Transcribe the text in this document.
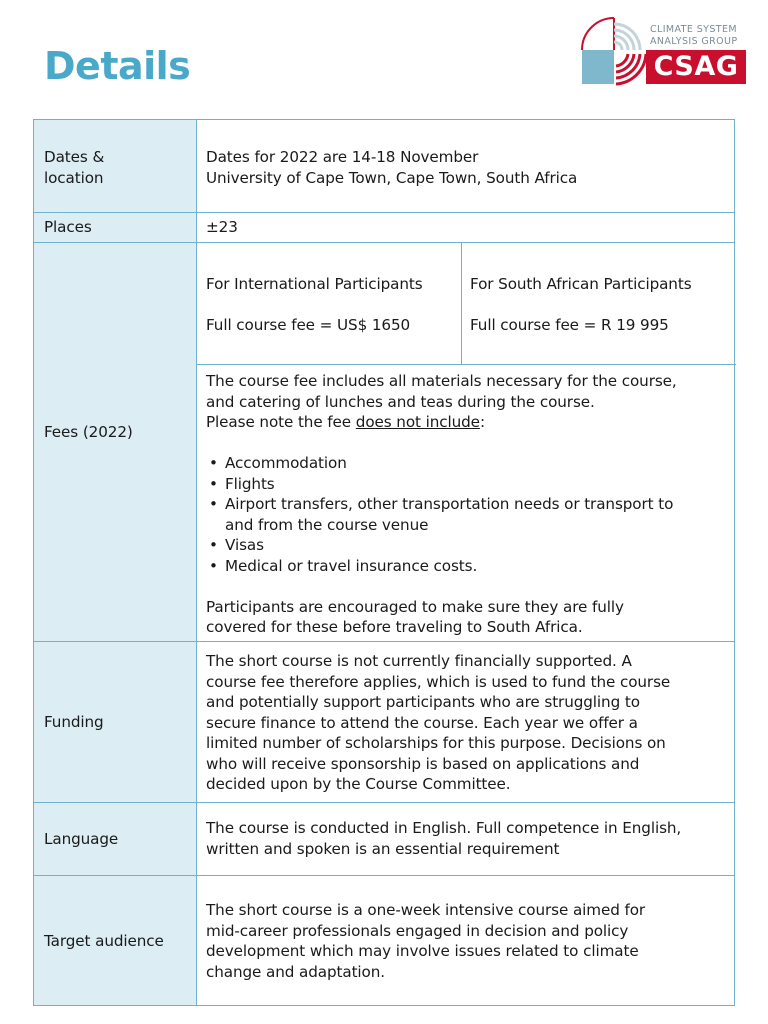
Details
CLIMATE SYSTEM
ANALYSIS GROUP
CSAG
Dates &
location
Dates for 2022 are 14-18 November
University of Cape Town, Cape Town, South Africa
Places	±23
Fees (2022)
For International Participants
Full course fee = US$ 1650
For South African Participants
Full course fee = R 19 995
The course fee includes all materials necessary for the course,
and catering of lunches and teas during the course.
Please note the fee does not include:
• Accommodation
• Flights
• Airport transfers, other transportation needs or transport to
and from the course venue
• Visas
• Medical or travel insurance costs.
Participants are encouraged to make sure they are fully
covered for these before traveling to South Africa.
Funding
The short course is not currently financially supported. A
course fee therefore applies, which is used to fund the course
and potentially support participants who are struggling to
secure finance to attend the course. Each year we offer a
limited number of scholarships for this purpose. Decisions on
who will receive sponsorship is based on applications and
decided upon by the Course Committee.
Language
The course is conducted in English. Full competence in English,
written and spoken is an essential requirement
Target audience
The short course is a one-week intensive course aimed for
mid-career professionals engaged in decision and policy
development which may involve issues related to climate
change and adaptation.
